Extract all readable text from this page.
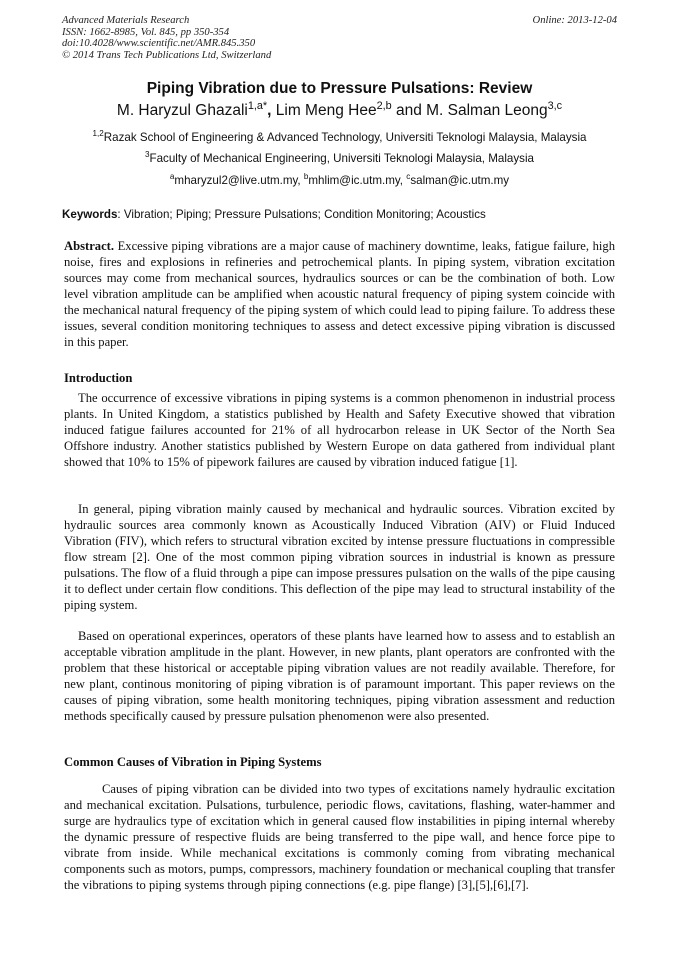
Advanced Materials Research
ISSN: 1662-8985, Vol. 845, pp 350-354
doi:10.4028/www.scientific.net/AMR.845.350
© 2014 Trans Tech Publications Ltd, Switzerland
Online: 2013-12-04
Piping Vibration due to Pressure Pulsations: Review
M. Haryzul Ghazali$^{1,a*}$, Lim Meng Hee$^{2,b}$ and M. Salman Leong$^{3,c}$
$^{1,2}$Razak School of Engineering & Advanced Technology, Universiti Teknologi Malaysia, Malaysia
$^3$Faculty of Mechanical Engineering, Universiti Teknologi Malaysia, Malaysia
$^a$mharyzul2@live.utm.my, $^b$mhlim@ic.utm.my, $^c$salman@ic.utm.my
Keywords: Vibration; Piping; Pressure Pulsations; Condition Monitoring; Acoustics
Abstract. Excessive piping vibrations are a major cause of machinery downtime, leaks, fatigue failure, high noise, fires and explosions in refineries and petrochemical plants. In piping system, vibration excitation sources may come from mechanical sources, hydraulics sources or can be the combination of both. Low level vibration amplitude can be amplified when acoustic natural frequency of piping system coincide with the mechanical natural frequency of the piping system of which could lead to piping failure. To address these issues, several condition monitoring techniques to assess and detect excessive piping vibration is discussed in this paper.
Introduction
The occurrence of excessive vibrations in piping systems is a common phenomenon in industrial process plants. In United Kingdom, a statistics published by Health and Safety Executive showed that vibration induced fatigue failures accounted for 21% of all hydrocarbon release in UK Sector of the North Sea Offshore industry. Another statistics published by Western Europe on data gathered from individual plant showed that 10% to 15% of pipework failures are caused by vibration induced fatigue [1].
In general, piping vibration mainly caused by mechanical and hydraulic sources. Vibration excited by hydraulic sources area commonly known as Acoustically Induced Vibration (AIV) or Fluid Induced Vibration (FIV), which refers to structural vibration excited by intense pressure fluctuations in compressible flow stream [2]. One of the most common piping vibration sources in industrial is known as pressure pulsations. The flow of a fluid through a pipe can impose pressures pulsation on the walls of the pipe causing it to deflect under certain flow conditions. This deflection of the pipe may lead to structural instability of the piping system.
Based on operational experinces, operators of these plants have learned how to assess and to establish an acceptable vibration amplitude in the plant. However, in new plants, plant operators are confronted with the problem that these historical or acceptable piping vibration values are not readily available. Therefore, for new plant, continous monitoring of piping vibration is of paramount important. This paper reviews on the causes of piping vibration, some health monitoring techniques, piping vibration assessment and reduction methods specifically caused by pressure pulsation phenomenon were also presented.
Common Causes of Vibration in Piping Systems
Causes of piping vibration can be divided into two types of excitations namely hydraulic excitation and mechanical excitation. Pulsations, turbulence, periodic flows, cavitations, flashing, water-hammer and surge are hydraulics type of excitation which in general caused flow instabilities in piping internal whereby the dynamic pressure of respective fluids are being transferred to the pipe wall, and hence force pipe to vibrate from inside. While mechanical excitations is commonly coming from vibrating mechanical components such as motors, pumps, compressors, machinery foundation or mechanical coupling that transfer the vibrations to piping systems through piping connections (e.g. pipe flange) [3],[5],[6],[7].
